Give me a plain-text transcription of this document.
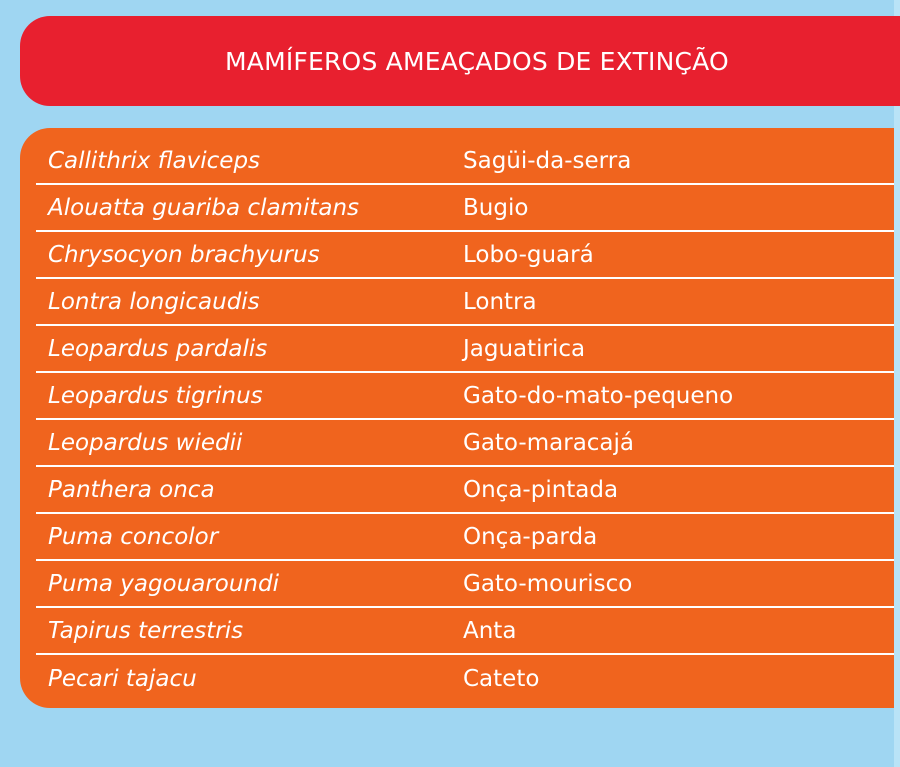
MAMÍFEROS AMEAÇADOS DE EXTINÇÃO
Callithrix flaviceps	Sagüi-da-serra
Alouatta guariba clamitans	Bugio
Chrysocyon brachyurus	Lobo-guará
Lontra longicaudis	Lontra
Leopardus pardalis	Jaguatirica
Leopardus tigrinus	Gato-do-mato-pequeno
Leopardus wiedii	Gato-maracajá
Panthera onca	Onça-pintada
Puma concolor	Onça-parda
Puma yagouaroundi	Gato-mourisco
Tapirus terrestris	Anta
Pecari tajacu	Cateto
